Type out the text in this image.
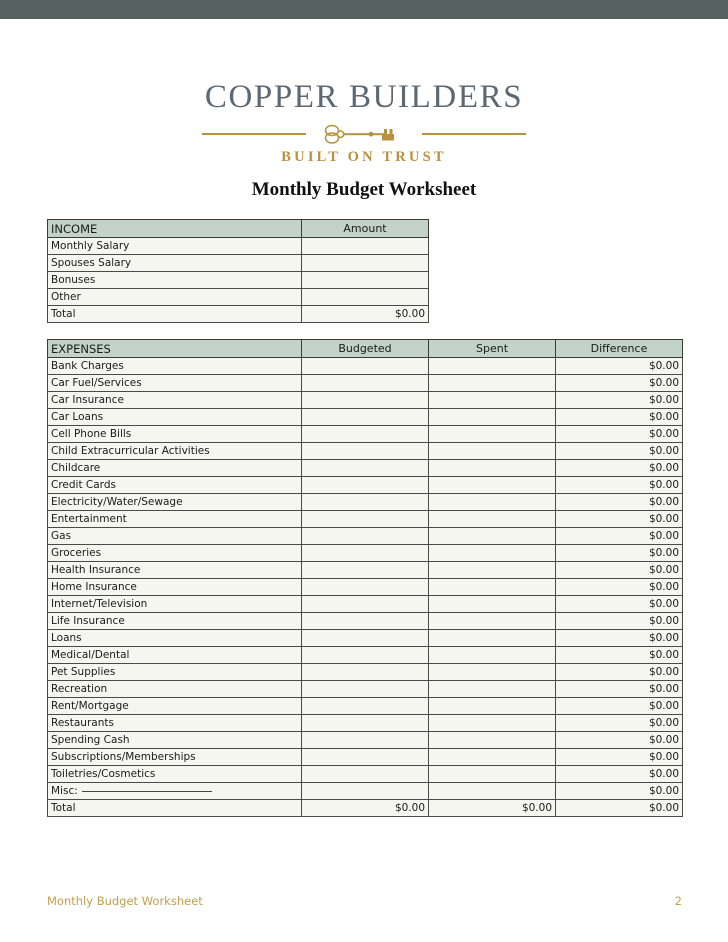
COPPER BUILDERS
BUILT ON TRUST
Monthly Budget Worksheet
INCOME	Amount
Monthly Salary	
Spouses Salary	
Bonuses	
Other	
Total	$0.00
EXPENSES	Budgeted	Spent	Difference
Bank Charges			$0.00
Car Fuel/Services			$0.00
Car Insurance			$0.00
Car Loans			$0.00
Cell Phone Bills			$0.00
Child Extracurricular Activities			$0.00
Childcare			$0.00
Credit Cards			$0.00
Electricity/Water/Sewage			$0.00
Entertainment			$0.00
Gas			$0.00
Groceries			$0.00
Health Insurance			$0.00
Home Insurance			$0.00
Internet/Television			$0.00
Life Insurance			$0.00
Loans			$0.00
Medical/Dental			$0.00
Pet Supplies			$0.00
Recreation			$0.00
Rent/Mortgage			$0.00
Restaurants			$0.00
Spending Cash			$0.00
Subscriptions/Memberships			$0.00
Toiletries/Cosmetics			$0.00
Misc:			$0.00
Total	$0.00	$0.00	$0.00
Monthly Budget Worksheet	2
